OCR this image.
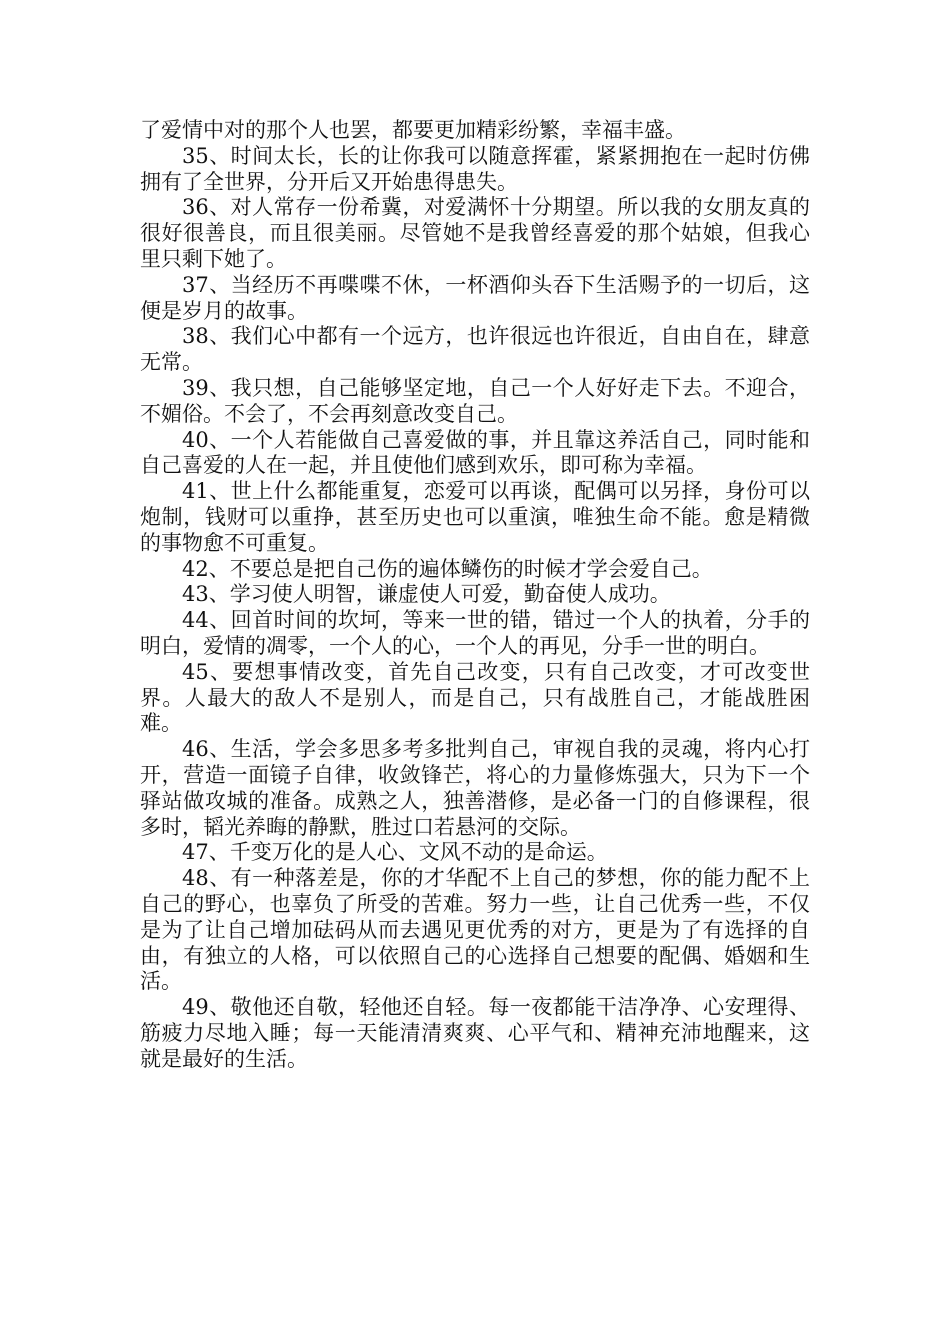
了爱情中对的那个人也罢，都要更加精彩纷繁，幸福丰盛。

35、时间太长，长的让你我可以随意挥霍，紧紧拥抱在一起时仿佛拥有了全世界，分开后又开始患得患失。

36、对人常存一份希冀，对爱满怀十分期望。所以我的女朋友真的很好很善良，而且很美丽。尽管她不是我曾经喜爱的那个姑娘，但我心里只剩下她了。

37、当经历不再喋喋不休，一杯酒仰头吞下生活赐予的一切后，这便是岁月的故事。

38、我们心中都有一个远方，也许很远也许很近，自由自在，肆意无常。

39、我只想，自己能够坚定地，自己一个人好好走下去。不迎合，不媚俗。不会了，不会再刻意改变自己。

40、一个人若能做自己喜爱做的事，并且靠这养活自己，同时能和自己喜爱的人在一起，并且使他们感到欢乐，即可称为幸福。

41、世上什么都能重复，恋爱可以再谈，配偶可以另择，身份可以炮制，钱财可以重挣，甚至历史也可以重演，唯独生命不能。愈是精微的事物愈不可重复。

42、不要总是把自己伤的遍体鳞伤的时候才学会爱自己。

43、学习使人明智，谦虚使人可爱，勤奋使人成功。

44、回首时间的坎坷，等来一世的错，错过一个人的执着，分手的明白，爱情的凋零，一个人的心，一个人的再见，分手一世的明白。

45、要想事情改变，首先自己改变，只有自己改变，才可改变世界。人最大的敌人不是别人，而是自己，只有战胜自己，才能战胜困难。

46、生活，学会多思多考多批判自己，审视自我的灵魂，将内心打开，营造一面镜子自律，收敛锋芒，将心的力量修炼强大，只为下一个驿站做攻城的准备。成熟之人，独善潜修，是必备一门的自修课程，很多时，韬光养晦的静默，胜过口若悬河的交际。

47、千变万化的是人心、文风不动的是命运。

48、有一种落差是，你的才华配不上自己的梦想，你的能力配不上自己的野心，也辜负了所受的苦难。努力一些，让自己优秀一些，不仅是为了让自己增加砝码从而去遇见更优秀的对方，更是为了有选择的自由，有独立的人格，可以依照自己的心选择自己想要的配偶、婚姻和生活。

49、敬他还自敬，轻他还自轻。每一夜都能干洁净净、心安理得、筋疲力尽地入睡；每一天能清清爽爽、心平气和、精神充沛地醒来，这就是最好的生活。
